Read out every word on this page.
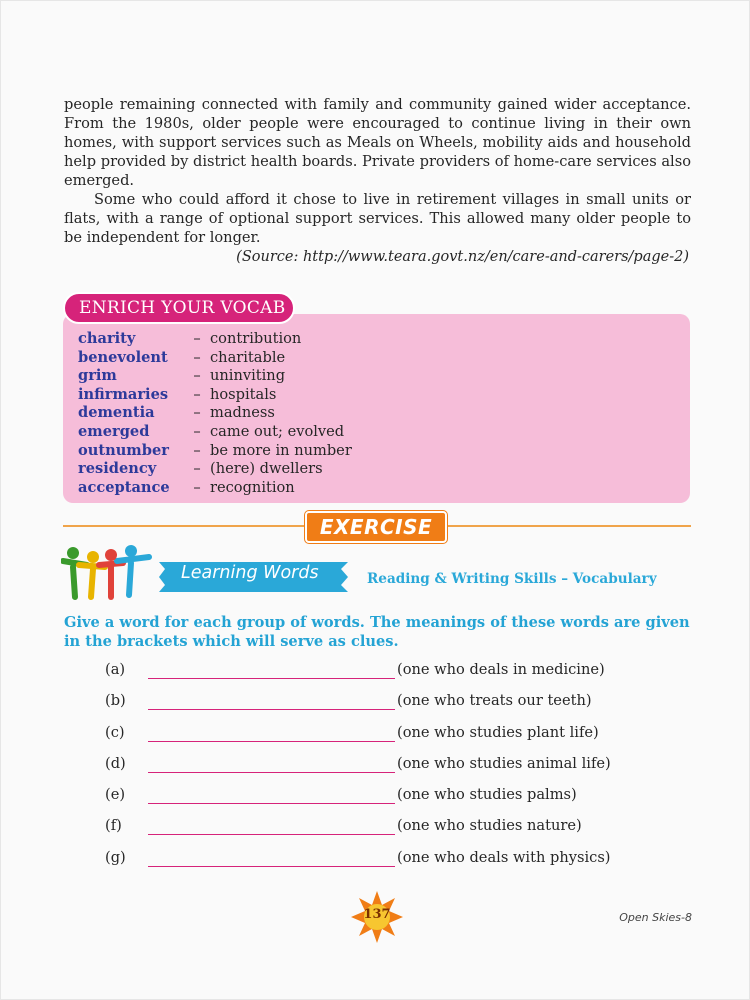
people remaining connected with family and community gained wider acceptance. From the 1980s, older people were encouraged to continue living in their own homes, with support services such as Meals on Wheels, mobility aids and household help provided by district health boards. Private providers of home-care services also emerged.

Some who could afford it chose to live in retirement villages in small units or flats, with a range of optional support services. This allowed many older people to be independent for longer.

(Source: http://www.teara.govt.nz/en/care-and-carers/page-2)
ENRICH YOUR VOCAB
charity	– contribution
benevolent	– charitable
grim	– uninviting
infirmaries	– hospitals
dementia	– madness
emerged	– came out; evolved
outnumber	– be more in number
residency	– (here) dwellers
acceptance	– recognition
EXERCISE
Learning Words	Reading & Writing Skills – Vocabulary
Give a word for each group of words. The meanings of these words are given in the brackets which will serve as clues.
(a)	(one who deals in medicine)
(b)	(one who treats our teeth)
(c)	(one who studies plant life)
(d)	(one who studies animal life)
(e)	(one who studies palms)
(f)	(one who studies nature)
(g)	(one who deals with physics)
137	Open Skies-8
